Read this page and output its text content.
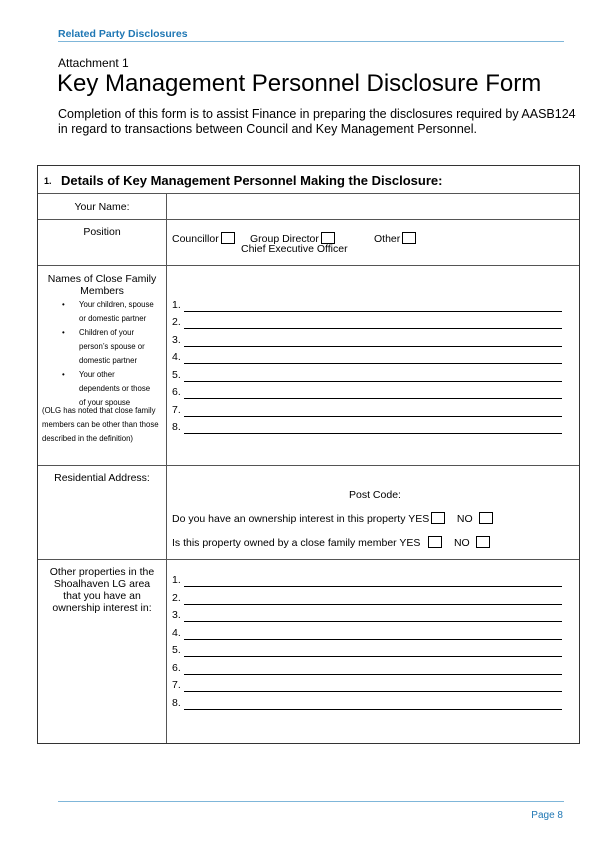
Related Party Disclosures
Attachment 1
Key Management Personnel Disclosure Form
Completion of this form is to assist Finance in preparing the disclosures required by AASB124 in regard to transactions between Council and Key Management Personnel.
1. Details of Key Management Personnel Making the Disclosure:
Your Name:
Position
Councillor	Group Director
Chief Executive Officer
Other
Names of Close Family Members
• Your children, spouse
or domestic partner
• Children of your
person’s spouse or
domestic partner
• Your other
dependents or those
of your spouse
(OLG has noted that close family members can be other than those described in the definition)
1.
2.
3.
4.
5.
6.
7.
8.
Residential Address:
Post Code:
Do you have an ownership interest in this property YES	NO
Is this property owned by a close family member YES	NO
Other properties in the Shoalhaven LG area that you have an ownership interest in:
1.
2.
3.
4.
5.
6.
7.
8.
Page 8
